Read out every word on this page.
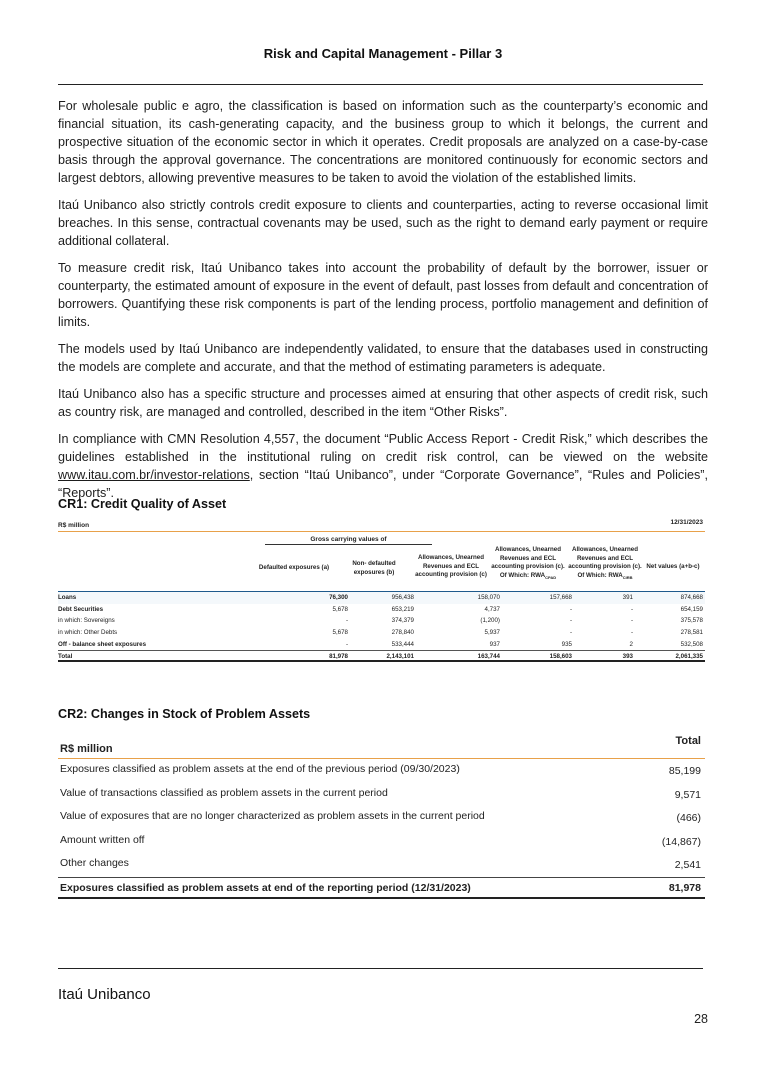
Risk and Capital Management - Pillar 3

For wholesale public e agro, the classification is based on information such as the counterparty’s economic and financial situation, its cash-generating capacity, and the business group to which it belongs, the current and prospective situation of the economic sector in which it operates. Credit proposals are analyzed on a case-by-case basis through the approval governance. The concentrations are monitored continuously for economic sectors and largest debtors, allowing preventive measures to be taken to avoid the violation of the established limits.

Itaú Unibanco also strictly controls credit exposure to clients and counterparties, acting to reverse occasional limit breaches. In this sense, contractual covenants may be used, such as the right to demand early payment or require additional collateral.

To measure credit risk, Itaú Unibanco takes into account the probability of default by the borrower, issuer or counterparty, the estimated amount of exposure in the event of default, past losses from default and concentration of borrowers. Quantifying these risk components is part of the lending process, portfolio management and definition of limits.

The models used by Itaú Unibanco are independently validated, to ensure that the databases used in constructing the models are complete and accurate, and that the method of estimating parameters is adequate.

Itaú Unibanco also has a specific structure and processes aimed at ensuring that other aspects of credit risk, such as country risk, are managed and controlled, described in the item “Other Risks”.

In compliance with CMN Resolution 4,557, the document “Public Access Report - Credit Risk,” which describes the guidelines established in the institutional ruling on credit risk control, can be viewed on the website www.itau.com.br/investor-relations, section “Itaú Unibanco”, under “Corporate Governance”, “Rules and Policies”, “Reports”.

CR1: Credit Quality of Asset
R$ million	12/31/2023
Gross carrying values of
Defaulted exposures (a)
Non- defaulted exposures (b)
Allowances, Unearned Revenues and ECL accounting provision (c)
Allowances, Unearned Revenues and ECL accounting provision (c). Of Which: $RWA_{CPAD}$
Allowances, Unearned Revenues and ECL accounting provision (c). Of Which: $RWA_{CIRB}$
Net values (a+b-c)
Loans	76,300	956,438	158,070	157,668	391	874,668
Debt Securities	5,678	653,219	4,737	-	-	654,159
in which: Sovereigns	-	374,379	(1,200)	-	-	375,578
in which: Other Debts	5,678	278,840	5,937	-	-	278,581
Off - balance sheet exposures	-	533,444	937	935	2	532,508
Total	81,978	2,143,101	163,744	158,603	393	2,061,335
CR2: Changes in Stock of Problem Assets
R$ million
Total
Exposures classified as problem assets at the end of the previous period (09/30/2023)	85,199
Value of transactions classified as problem assets in the current period	9,571
Value of exposures that are no longer characterized as problem assets in the current period	(466)
Amount written off	(14,867)
Other changes	2,541
Exposures classified as problem assets at end of the reporting period (12/31/2023)	81,978
Itaú Unibanco
28
